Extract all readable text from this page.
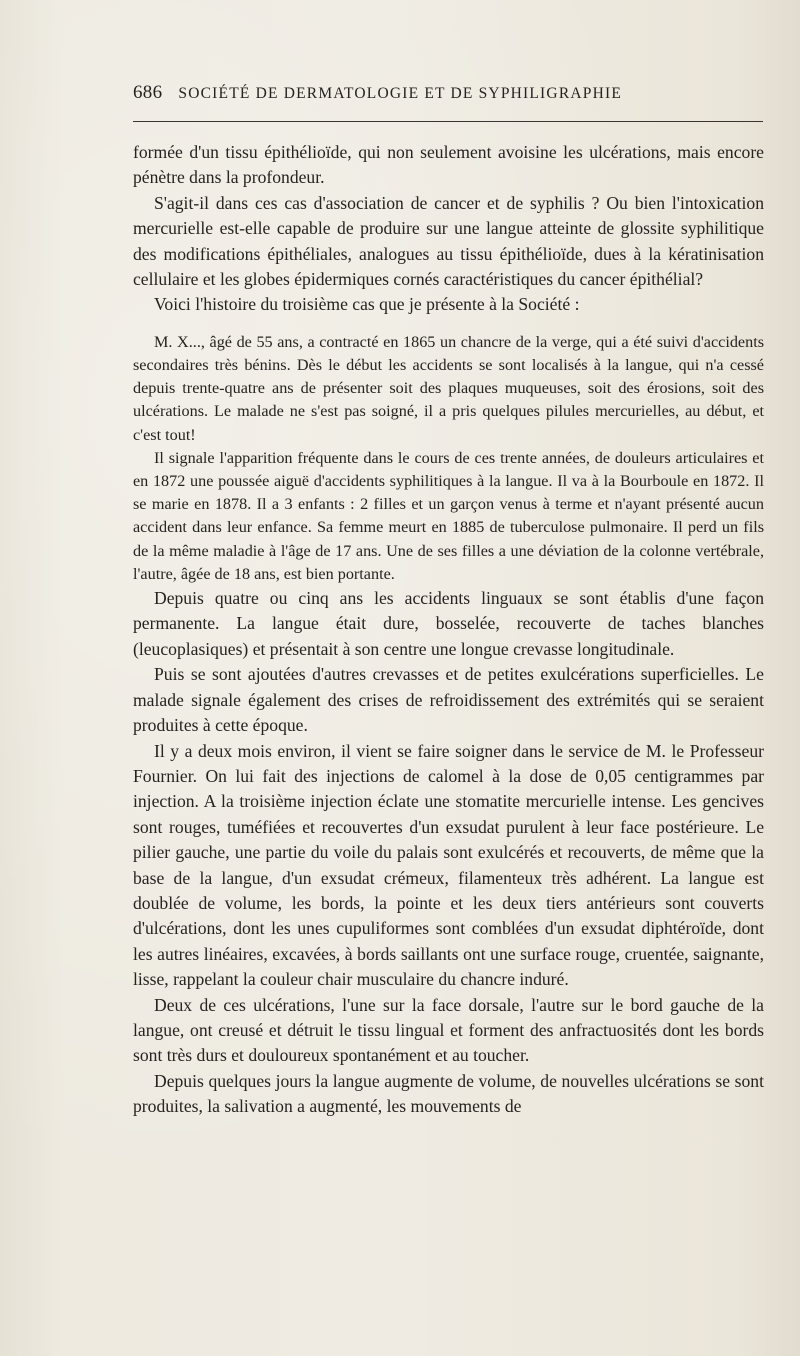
686 SOCIÉTÉ DE DERMATOLOGIE ET DE SYPHILIGRAPHIE

formée d'un tissu épithélioïde, qui non seulement avoisine les ulcérations, mais encore pénètre dans la profondeur.

S'agit-il dans ces cas d'association de cancer et de syphilis ? Ou bien l'intoxication mercurielle est-elle capable de produire sur une langue atteinte de glossite syphilitique des modifications épithéliales, analogues au tissu épithélioïde, dues à la kératinisation cellulaire et les globes épidermiques cornés caractéristiques du cancer épithélial?

Voici l'histoire du troisième cas que je présente à la Société :

M. X..., âgé de 55 ans, a contracté en 1865 un chancre de la verge, qui a été suivi d'accidents secondaires très bénins. Dès le début les accidents se sont localisés à la langue, qui n'a cessé depuis trente-quatre ans de présenter soit des plaques muqueuses, soit des érosions, soit des ulcérations. Le malade ne s'est pas soigné, il a pris quelques pilules mercurielles, au début, et c'est tout!

Il signale l'apparition fréquente dans le cours de ces trente années, de douleurs articulaires et en 1872 une poussée aiguë d'accidents syphilitiques à la langue. Il va à la Bourboule en 1872. Il se marie en 1878. Il a 3 enfants : 2 filles et un garçon venus à terme et n'ayant présenté aucun accident dans leur enfance. Sa femme meurt en 1885 de tuberculose pulmonaire. Il perd un fils de la même maladie à l'âge de 17 ans. Une de ses filles a une déviation de la colonne vertébrale, l'autre, âgée de 18 ans, est bien portante.

Depuis quatre ou cinq ans les accidents linguaux se sont établis d'une façon permanente. La langue était dure, bosselée, recouverte de taches blanches (leucoplasiques) et présentait à son centre une longue crevasse longitudinale.

Puis se sont ajoutées d'autres crevasses et de petites exulcérations superficielles. Le malade signale également des crises de refroidissement des extrémités qui se seraient produites à cette époque.

Il y a deux mois environ, il vient se faire soigner dans le service de M. le Professeur Fournier. On lui fait des injections de calomel à la dose de 0,05 centigrammes par injection. A la troisième injection éclate une stomatite mercurielle intense. Les gencives sont rouges, tuméfiées et recouvertes d'un exsudat purulent à leur face postérieure. Le pilier gauche, une partie du voile du palais sont exulcérés et recouverts, de même que la base de la langue, d'un exsudat crémeux, filamenteux très adhérent. La langue est doublée de volume, les bords, la pointe et les deux tiers antérieurs sont couverts d'ulcérations, dont les unes cupuliformes sont comblées d'un exsudat diphtéroïde, dont les autres linéaires, excavées, à bords saillants ont une surface rouge, cruentée, saignante, lisse, rappelant la couleur chair musculaire du chancre induré.

Deux de ces ulcérations, l'une sur la face dorsale, l'autre sur le bord gauche de la langue, ont creusé et détruit le tissu lingual et forment des anfractuosités dont les bords sont très durs et douloureux spontanément et au toucher.

Depuis quelques jours la langue augmente de volume, de nouvelles ulcérations se sont produites, la salivation a augmenté, les mouvements de
